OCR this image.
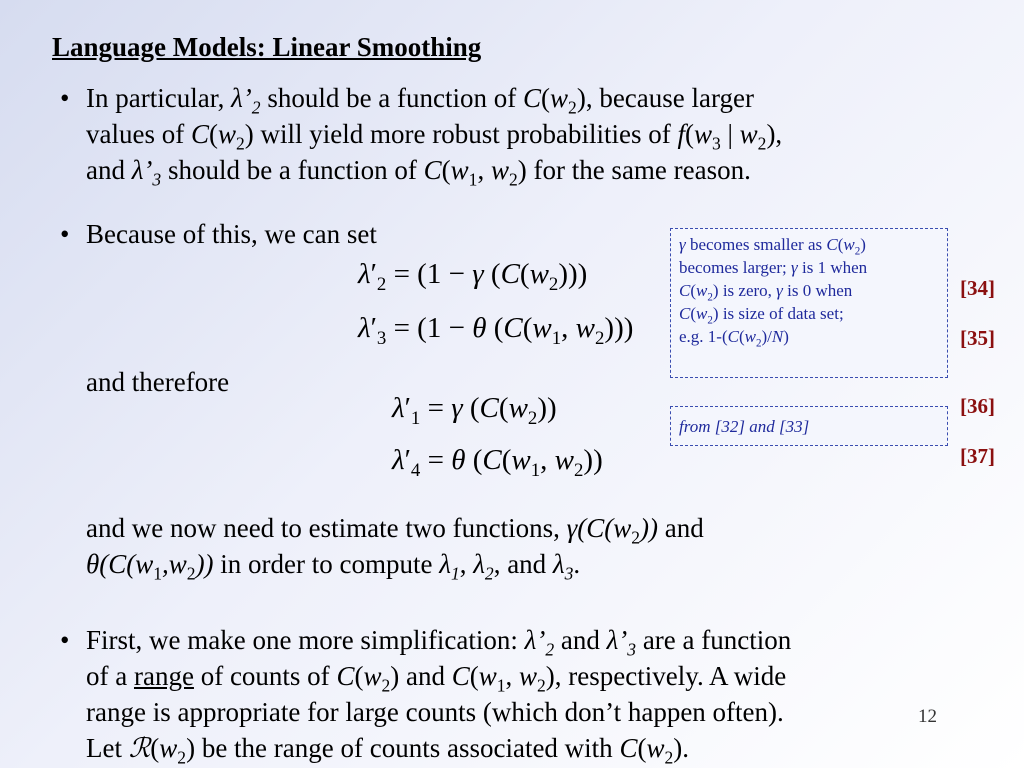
Language Models: Linear Smoothing
• In particular, $\lambda’_2$ should be a function of $C(w_2)$, because larger
values of $C(w_2)$ will yield more robust probabilities of $f(w_3$ | $w_2$),
and $\lambda’_3$ should be a function of $C(w_1$, $w_2$) for the same reason.
• Because of this, we can set
$\lambda'_2 = (1 - \gamma$ $(C(w_2))$)
$\lambda'_3 = (1 - \theta$ ($C(w_1$, $w_2$)))
and therefore
$\lambda'_1 = \gamma$ $(C(w_2))$
$\lambda'_4 = \theta$ ($C(w_1$, $w_2$))
and we now need to estimate two functions, $\gamma(C(w_2))$ and
$\theta(C(w_1,w_2))$ in order to compute $\lambda_1$, $\lambda_2$, and $\lambda_3$.
• First, we make one more simplification: $\lambda’_2$ and $\lambda’_3$ are a function
of a range of counts of $C(w_2)$ and $C(w_1$, $w_2$), respectively. A wide
range is appropriate for large counts (which don’t happen often).
Let $ℛ(w_2)$ be the range of counts associated with $C(w_2)$.
γ becomes smaller as $C(w_2)$
becomes larger; γ is 1 when
$C(w_2)$ is zero, γ is 0 when
$C(w_2)$ is size of data set;
e.g. $1-(C(w_2)/N)$
from [32] and [33]
[34]
[35]
[36]
[37]
12
